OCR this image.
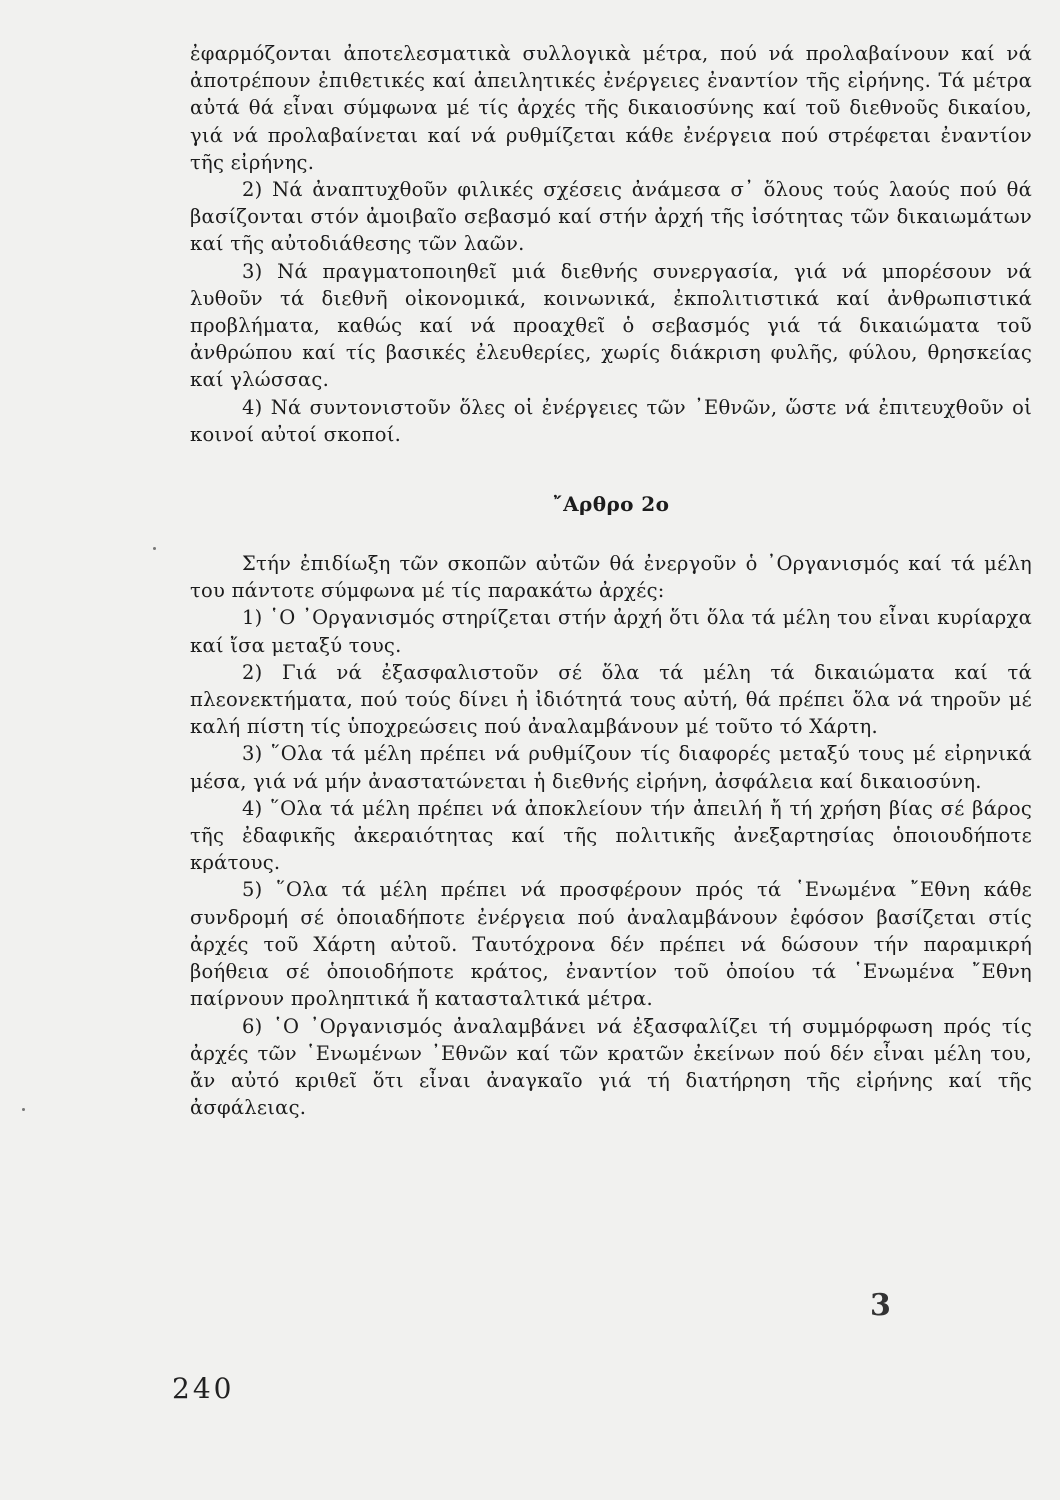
ἐφαρμόζονται ἀποτελεσματικὰ συλλογικὰ μέτρα, πού νά προλαβαίνουν καί νά ἀποτρέπουν ἐπιθετικές καί ἀπειλητικές ἐνέργειες ἐναντίον τῆς εἰρήνης. Τά μέτρα αὐτά θά εἶναι σύμφωνα μέ τίς ἀρχές τῆς δικαιοσύνης καί τοῦ διεθνοῦς δικαίου, γιά νά προλαβαίνεται καί νά ρυθμίζεται κάθε ἐνέργεια πού στρέφεται ἐναντίον τῆς εἰρήνης.

2) Νά ἀναπτυχθοῦν φιλικές σχέσεις ἀνάμεσα σ᾽ ὅλους τούς λαούς πού θά βασίζονται στόν ἀμοιβαῖο σεβασμό καί στήν ἀρχή τῆς ἰσότητας τῶν δικαιωμάτων καί τῆς αὐτοδιάθεσης τῶν λαῶν.

3) Νά πραγματοποιηθεῖ μιά διεθνής συνεργασία, γιά νά μπορέσουν νά λυθοῦν τά διεθνῆ οἰκονομικά, κοινωνικά, ἐκπολιτιστικά καί ἀνθρωπιστικά προβλήματα, καθώς καί νά προαχθεῖ ὁ σεβασμός γιά τά δικαιώματα τοῦ ἀνθρώπου καί τίς βασικές ἐλευθερίες, χωρίς διάκριση φυλῆς, φύλου, θρησκείας καί γλώσσας.

4) Νά συντονιστοῦν ὅλες οἱ ἐνέργειες τῶν ᾽Εθνῶν, ὥστε νά ἐπιτευχθοῦν οἱ κοινοί αὐτοί σκοποί.

῎Αρθρο 2ο

Στήν ἐπιδίωξη τῶν σκοπῶν αὐτῶν θά ἐνεργοῦν ὁ ᾽Οργανισμός καί τά μέλη του πάντοτε σύμφωνα μέ τίς παρακάτω ἀρχές:

1) ῾Ο ᾽Οργανισμός στηρίζεται στήν ἀρχή ὅτι ὅλα τά μέλη του εἶναι κυρίαρχα καί ἴσα μεταξύ τους.

2) Γιά νά ἐξασφαλιστοῦν σέ ὅλα τά μέλη τά δικαιώματα καί τά πλεονεκτήματα, πού τούς δίνει ἡ ἰδιότητά τους αὐτή, θά πρέπει ὅλα νά τηροῦν μέ καλή πίστη τίς ὑποχρεώσεις πού ἀναλαμβάνουν μέ τοῦτο τό Χάρτη.

3) ῞Ολα τά μέλη πρέπει νά ρυθμίζουν τίς διαφορές μεταξύ τους μέ εἰρηνικά μέσα, γιά νά μήν ἀναστατώνεται ἡ διεθνής εἰρήνη, ἀσφάλεια καί δικαιοσύνη.

4) ῞Ολα τά μέλη πρέπει νά ἀποκλείουν τήν ἀπειλή ἤ τή χρήση βίας σέ βάρος τῆς ἐδαφικῆς ἀκεραιότητας καί τῆς πολιτικῆς ἀνεξαρτησίας ὁποιουδήποτε κράτους.

5) ῞Ολα τά μέλη πρέπει νά προσφέρουν πρός τά ῾Ενωμένα ῎Εθνη κάθε συνδρομή σέ ὁποιαδήποτε ἐνέργεια πού ἀναλαμβάνουν ἐφόσον βασίζεται στίς ἀρχές τοῦ Χάρτη αὐτοῦ. Ταυτόχρονα δέν πρέπει νά δώσουν τήν παραμικρή βοήθεια σέ ὁποιοδήποτε κράτος, ἐναντίον τοῦ ὁποίου τά ῾Ενωμένα ῎Εθνη παίρνουν προληπτικά ἤ κατασταλτικά μέτρα.

6) ῾Ο ᾽Οργανισμός ἀναλαμβάνει νά ἐξασφαλίζει τή συμμόρφωση πρός τίς ἀρχές τῶν ῾Ενωμένων ᾽Εθνῶν καί τῶν κρατῶν ἐκείνων πού δέν εἶναι μέλη του, ἄν αὐτό κριθεῖ ὅτι εἶναι ἀναγκαῖο γιά τή διατήρηση τῆς εἰρήνης καί τῆς ἀσφάλειας.

3
240
